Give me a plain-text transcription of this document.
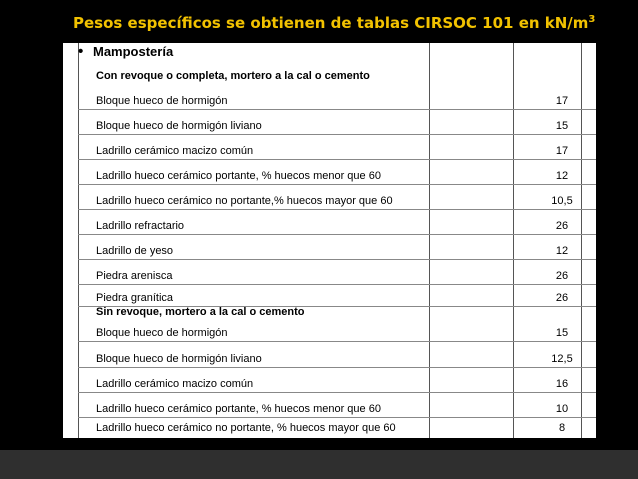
Pesos específicos se obtienen de tablas CIRSOC 101 en $kN/m^3$
• Mampostería
Con revoque o completa, mortero a la cal o cemento
Bloque hueco de hormigón	17
Bloque hueco de hormigón liviano	15
Ladrillo cerámico macizo común	17
Ladrillo hueco cerámico portante, % huecos menor que 60	12
Ladrillo hueco cerámico no portante,% huecos mayor que 60	10,5
Ladrillo refractario	26
Ladrillo de yeso	12
Piedra arenisca	26
Piedra granítica	26
Sin revoque, mortero a la cal o cemento
Bloque hueco de hormigón	15
Bloque hueco de hormigón liviano	12,5
Ladrillo cerámico macizo común	16
Ladrillo hueco cerámico portante, % huecos menor que 60	10
Ladrillo hueco cerámico no portante, % huecos mayor que 60	8
